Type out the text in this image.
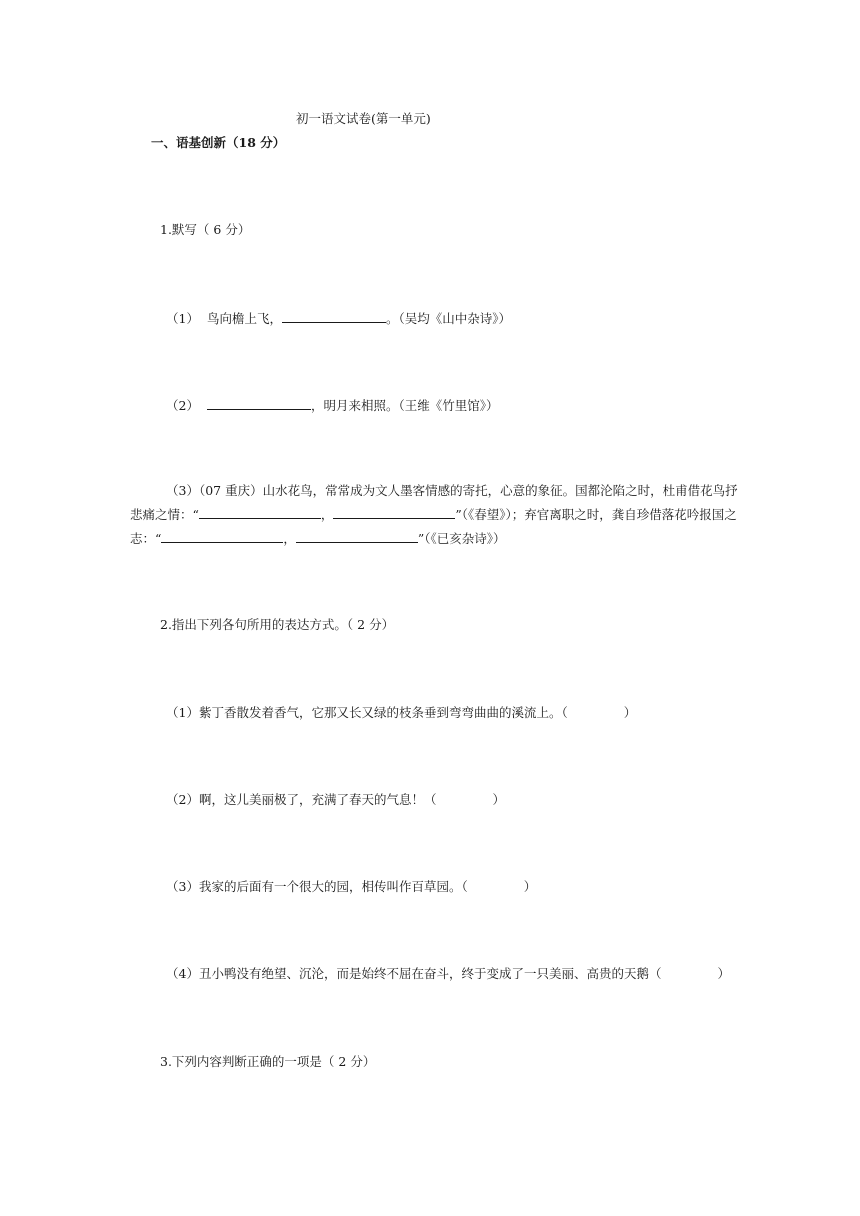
初一语文试卷(第一单元)
一、语基创新（18 分）
1.默写（ 6 分）
（1） 鸟向檐上飞，	。（吴均《山中杂诗》）
（2）	，明月来相照。（王维《竹里馆》）
（3）（07 重庆）山水花鸟，常常成为文人墨客情感的寄托，心意的象征。国都沦陷之时，杜甫借花鸟抒悲痛之情：“	，	”（《春望》）；弃官离职之时，龚自珍借落花吟报国之志：“	，	”（《已亥杂诗》）
2.指出下列各句所用的表达方式。（ 2 分）
（1）紫丁香散发着香气，它那又长又绿的枝条垂到弯弯曲曲的溪流上。（	）
（2）啊，这儿美丽极了，充满了春天的气息！（	）
（3）我家的后面有一个很大的园，相传叫作百草园。（	）
（4）丑小鸭没有绝望、沉沦，而是始终不屈在奋斗，终于变成了一只美丽、高贵的天鹅（	）
3.下列内容判断正确的一项是（ 2 分）
